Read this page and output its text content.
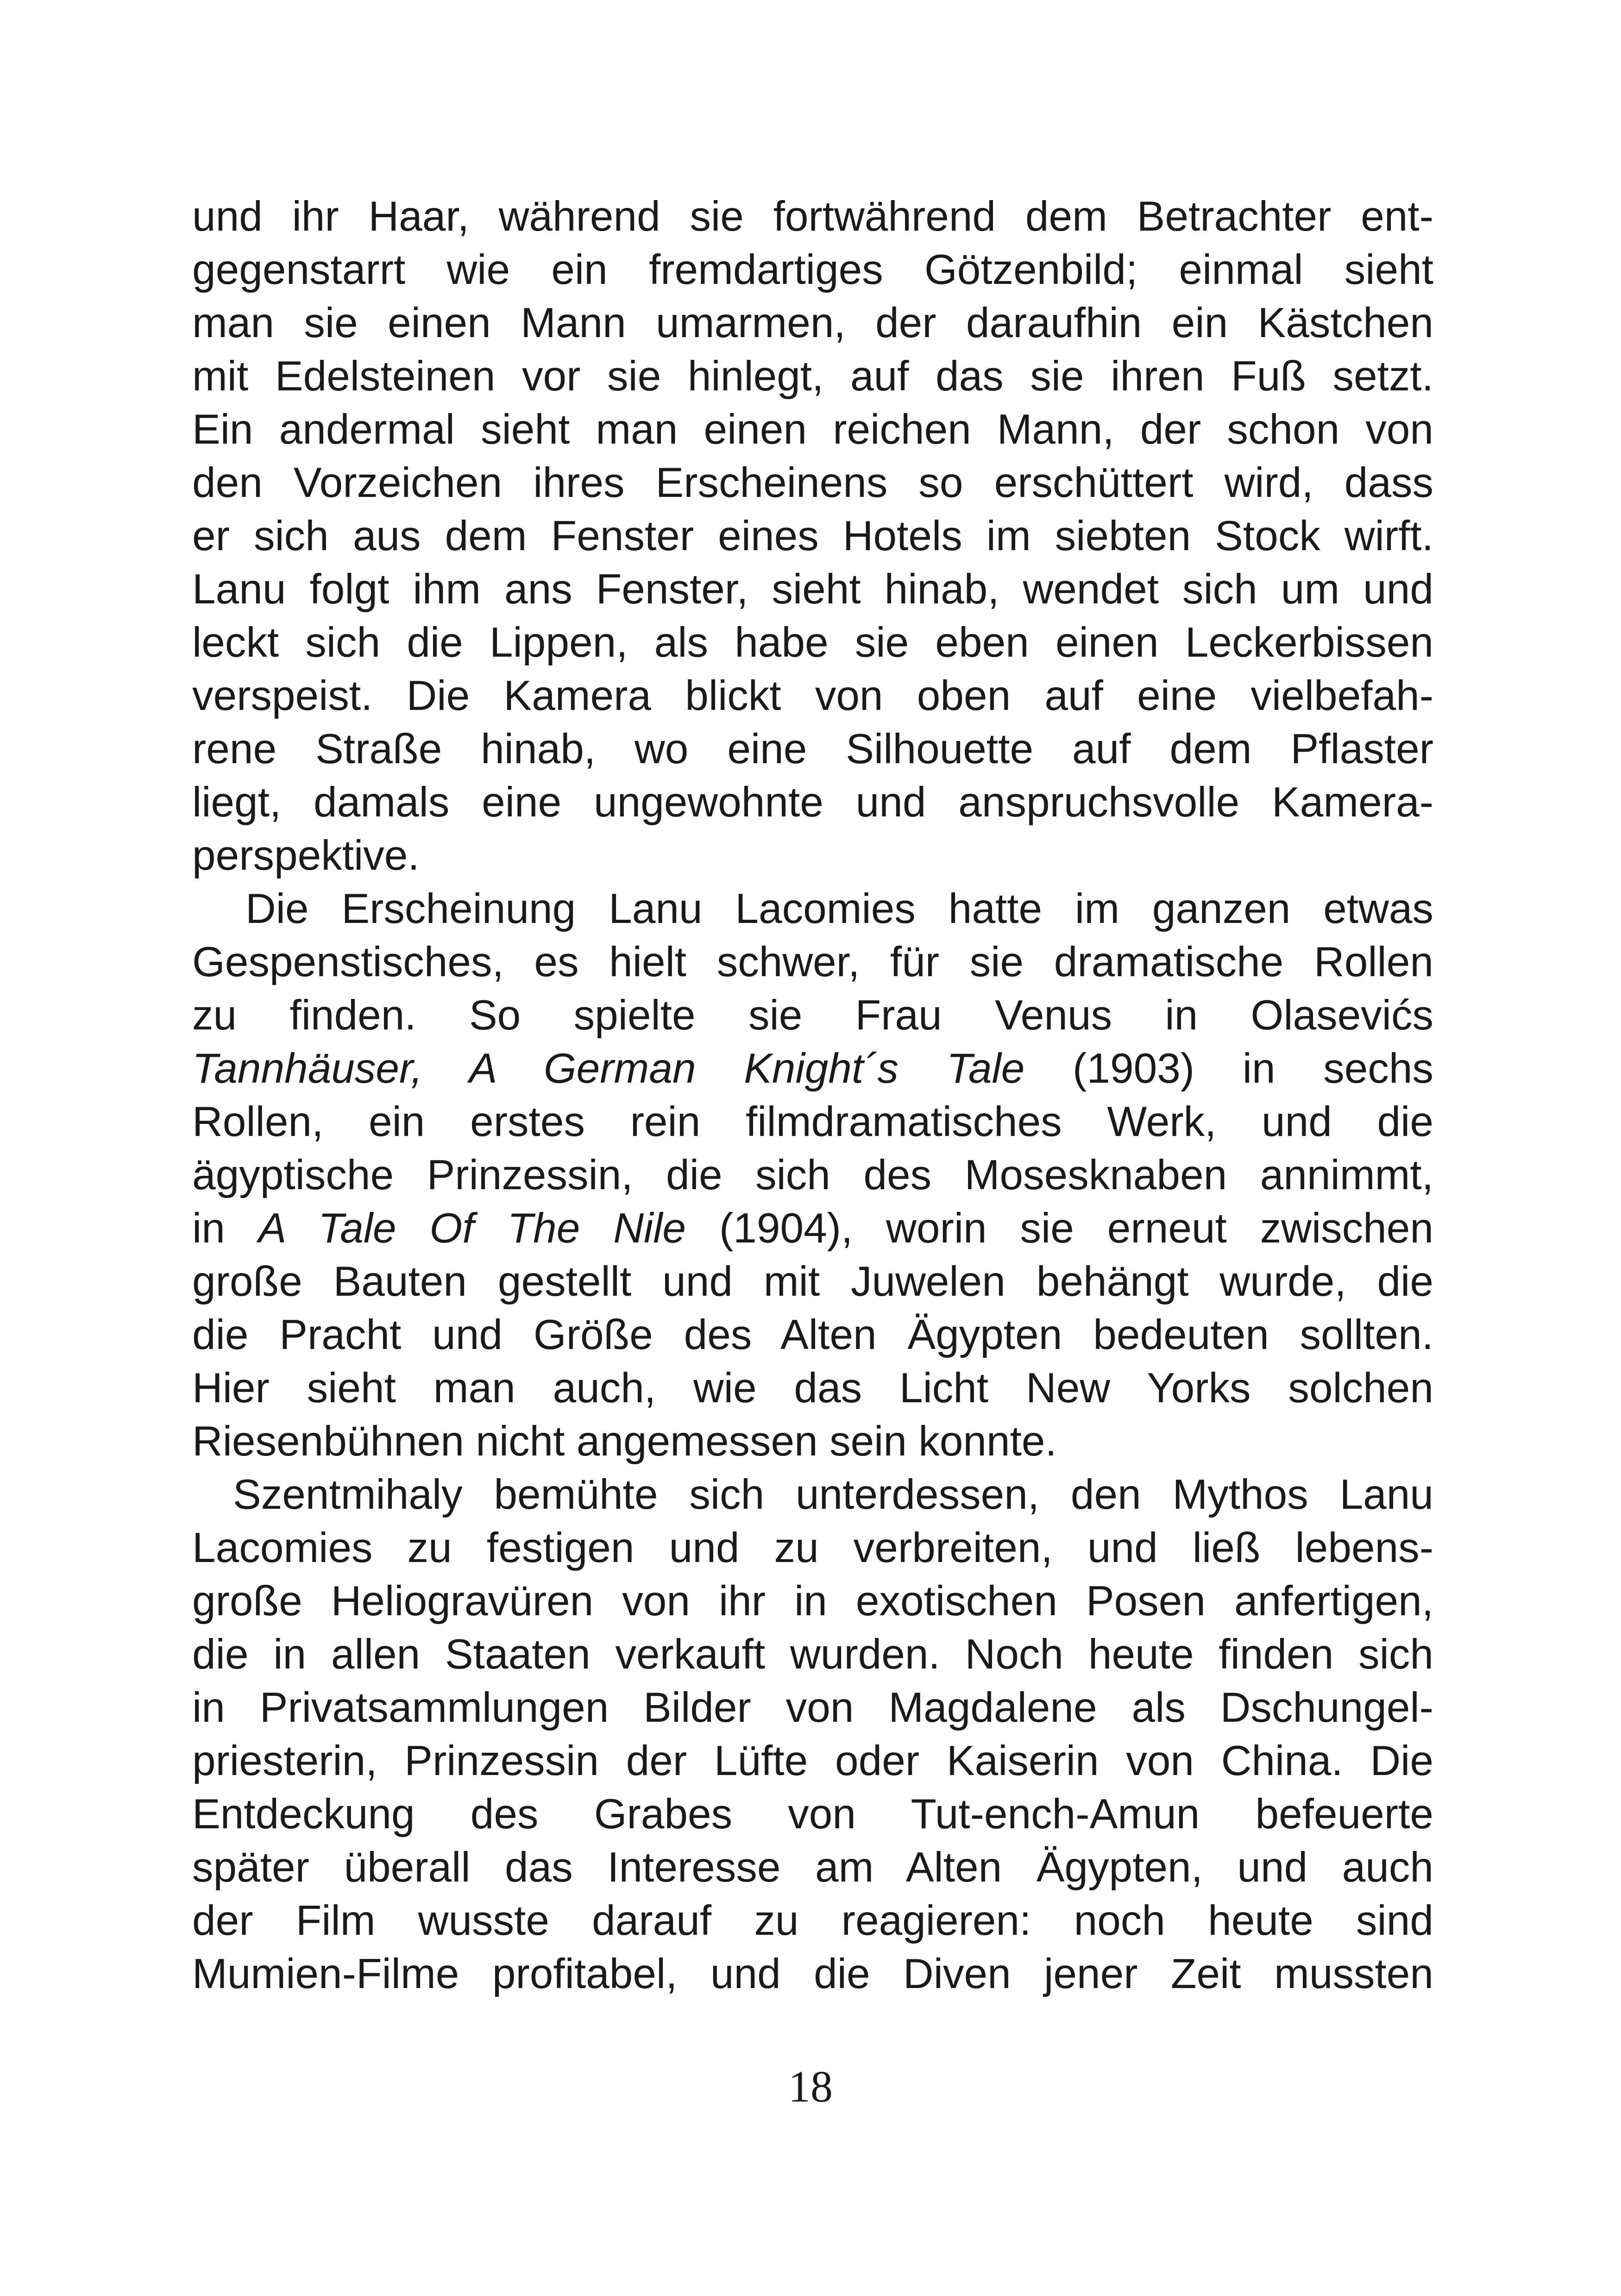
und ihr Haar, während sie fortwährend dem Betrachter ent-
gegenstarrt wie ein fremdartiges Götzenbild; einmal sieht
man sie einen Mann umarmen, der daraufhin ein Kästchen
mit Edelsteinen vor sie hinlegt, auf das sie ihren Fuß setzt.
Ein andermal sieht man einen reichen Mann, der schon von
den Vorzeichen ihres Erscheinens so erschüttert wird, dass
er sich aus dem Fenster eines Hotels im siebten Stock wirft.
Lanu folgt ihm ans Fenster, sieht hinab, wendet sich um und
leckt sich die Lippen, als habe sie eben einen Leckerbissen
verspeist. Die Kamera blickt von oben auf eine vielbefah-
rene Straße hinab, wo eine Silhouette auf dem Pflaster
liegt, damals eine ungewohnte und anspruchsvolle Kamera-
perspektive.
Die Erscheinung Lanu Lacomies hatte im ganzen etwas
Gespenstisches, es hielt schwer, für sie dramatische Rollen
zu finden. So spielte sie Frau Venus in Olasevićs
Tannhäuser, A German Knight´s Tale (1903) in sechs
Rollen, ein erstes rein filmdramatisches Werk, und die
ägyptische Prinzessin, die sich des Mosesknaben annimmt,
in A Tale Of The Nile (1904), worin sie erneut zwischen
große Bauten gestellt und mit Juwelen behängt wurde, die
die Pracht und Größe des Alten Ägypten bedeuten sollten.
Hier sieht man auch, wie das Licht New Yorks solchen
Riesenbühnen nicht angemessen sein konnte.
Szentmihaly bemühte sich unterdessen, den Mythos Lanu
Lacomies zu festigen und zu verbreiten, und ließ lebens-
große Heliogravüren von ihr in exotischen Posen anfertigen,
die in allen Staaten verkauft wurden. Noch heute finden sich
in Privatsammlungen Bilder von Magdalene als Dschungel-
priesterin, Prinzessin der Lüfte oder Kaiserin von China. Die
Entdeckung des Grabes von Tut-ench-Amun befeuerte
später überall das Interesse am Alten Ägypten, und auch
der Film wusste darauf zu reagieren: noch heute sind
Mumien-Filme profitabel, und die Diven jener Zeit mussten
18
